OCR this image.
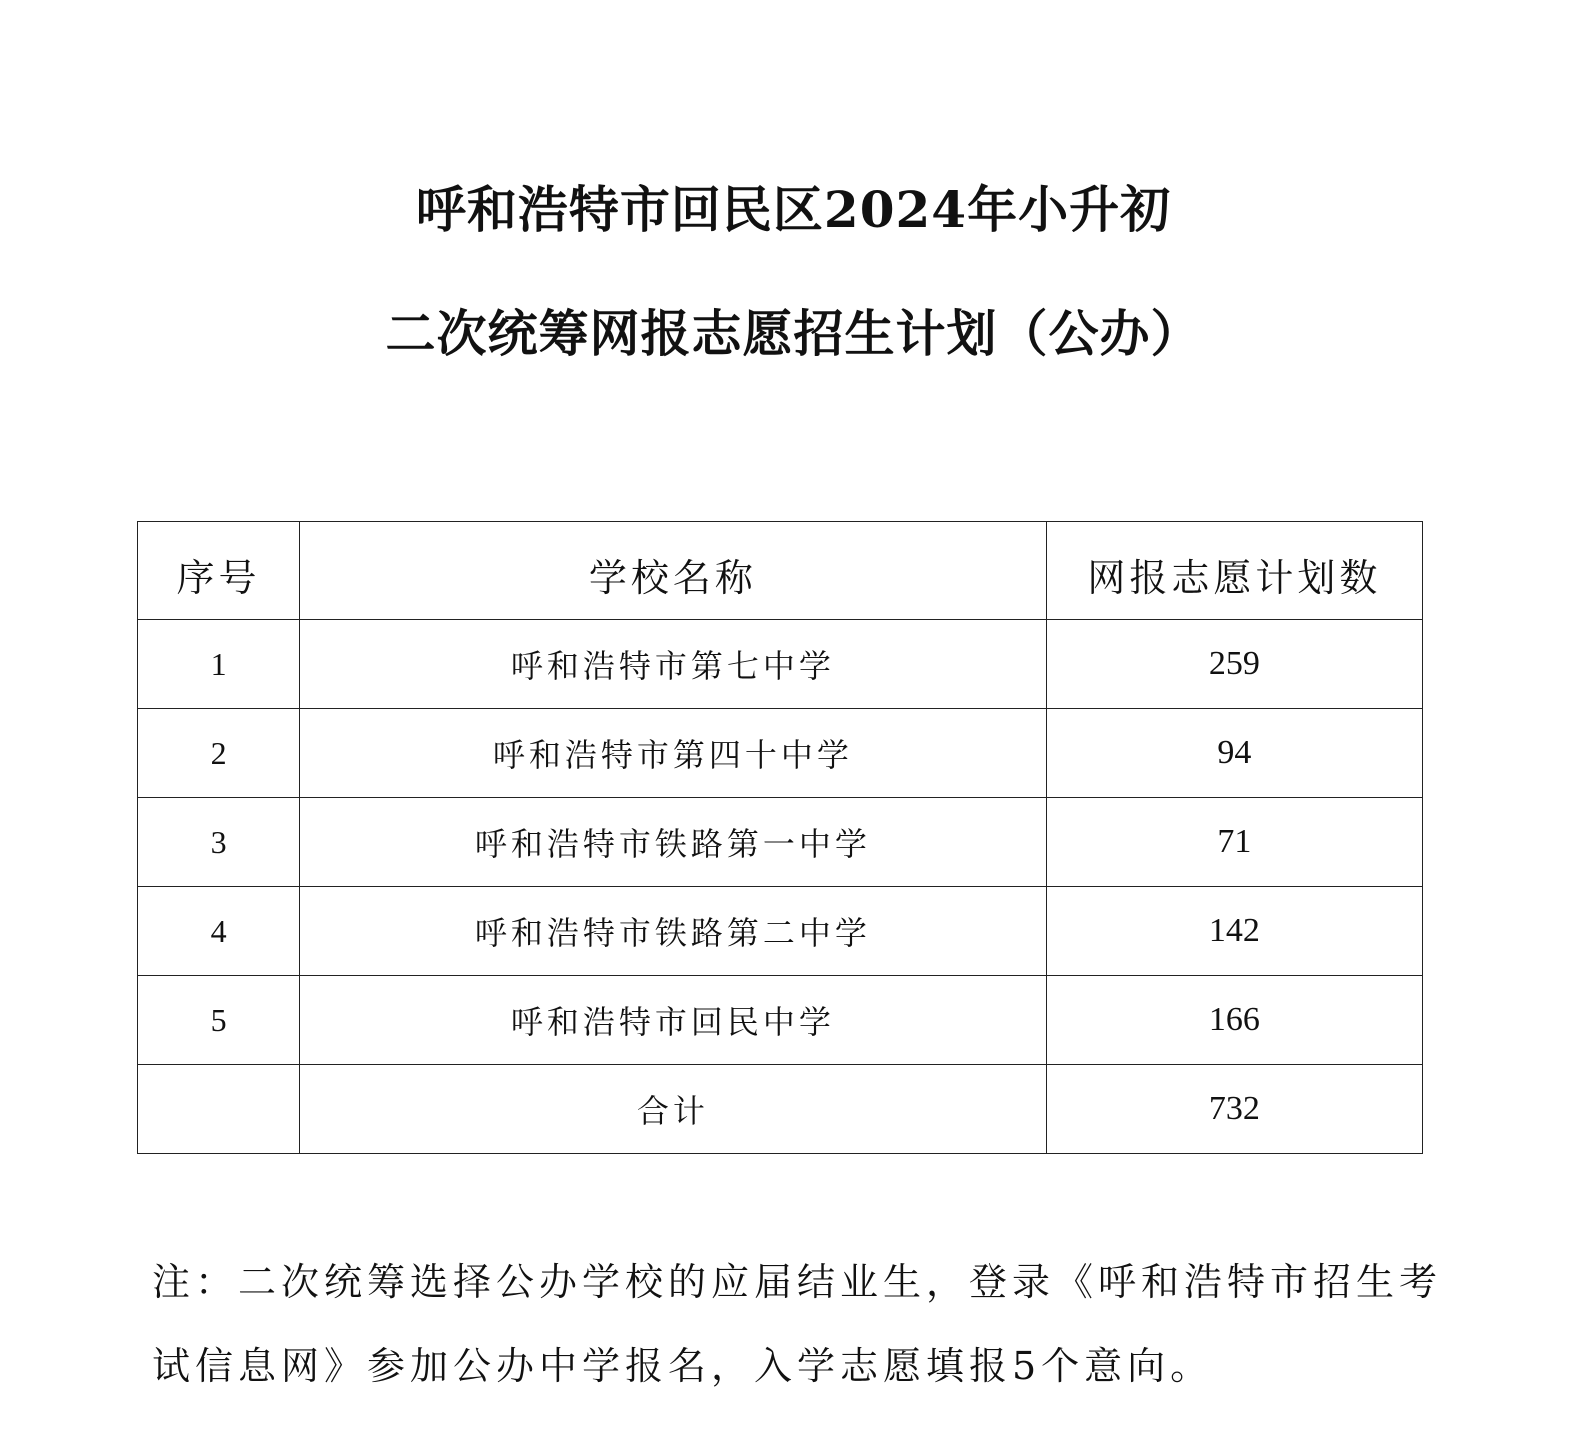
呼和浩特市回民区2024年小升初
二次统筹网报志愿招生计划（公办）
序号	学校名称	网报志愿计划数
1	呼和浩特市第七中学	259
2	呼和浩特市第四十中学	94
3	呼和浩特市铁路第一中学	71
4	呼和浩特市铁路第二中学	142
5	呼和浩特市回民中学	166
	合计	732
注：二次统筹选择公办学校的应届结业生，登录《呼和浩特市招生考
试信息网》参加公办中学报名，入学志愿填报5个意向。
